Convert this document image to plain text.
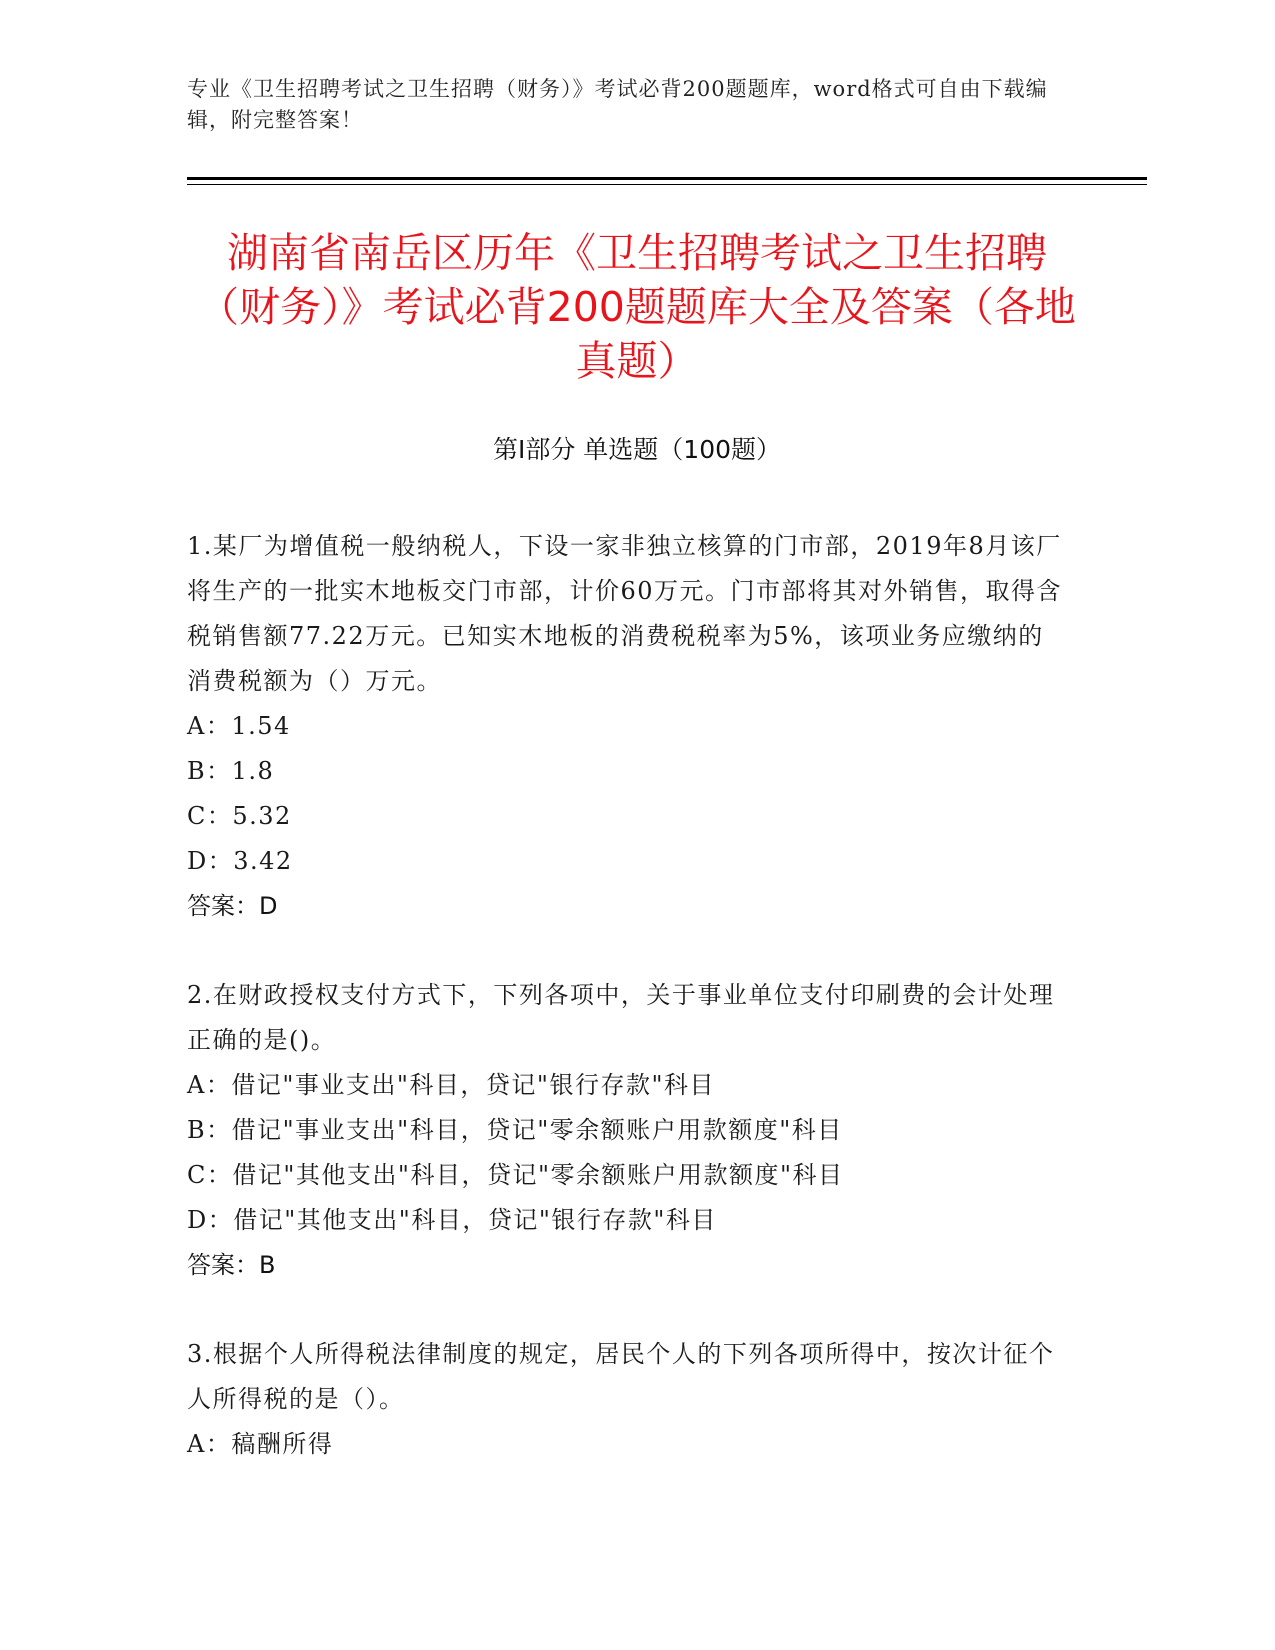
专业《卫生招聘考试之卫生招聘（财务）》考试必背200题题库，word格式可自由下载编辑，附完整答案！

湖南省南岳区历年《卫生招聘考试之卫生招聘（财务）》考试必背200题题库大全及答案（各地真题）
第Ⅰ部分 单选题（100题）

1.某厂为增值税一般纳税人，下设一家非独立核算的门市部，2019年8月该厂将生产的一批实木地板交门市部，计价60万元。门市部将其对外销售，取得含税销售额77.22万元。已知实木地板的消费税税率为5%，该项业务应缴纳的消费税额为（）万元。

A：1.54
B：1.8
C：5.32
D：3.42

答案：D

2.在财政授权支付方式下，下列各项中，关于事业单位支付印刷费的会计处理正确的是()。

A：借记"事业支出"科目，贷记"银行存款"科目
B：借记"事业支出"科目，贷记"零余额账户用款额度"科目
C：借记"其他支出"科目，贷记"零余额账户用款额度"科目
D：借记"其他支出"科目，贷记"银行存款"科目

答案：B

3.根据个人所得税法律制度的规定，居民个人的下列各项所得中，按次计征个人所得税的是（）。

A：稿酬所得
